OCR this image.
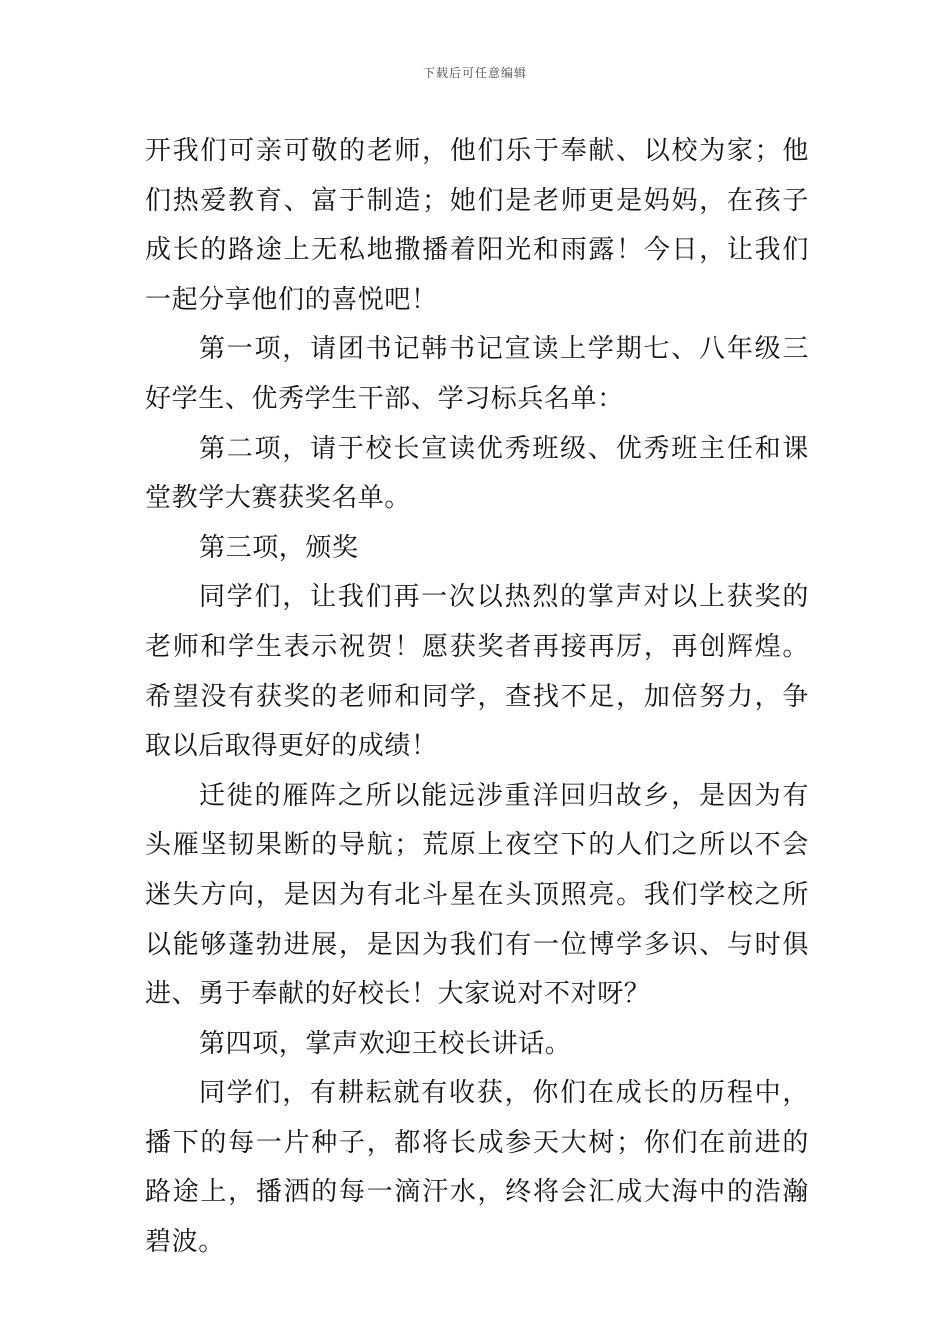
下载后可任意编辑

开我们可亲可敬的老师，他们乐于奉献、以校为家；他们热爱教育、富于制造；她们是老师更是妈妈，在孩子成长的路途上无私地撒播着阳光和雨露！今日，让我们一起分享他们的喜悦吧！

第一项，请团书记韩书记宣读上学期七、八年级三好学生、优秀学生干部、学习标兵名单：

第二项，请于校长宣读优秀班级、优秀班主任和课堂教学大赛获奖名单。

第三项，颁奖

同学们，让我们再一次以热烈的掌声对以上获奖的老师和学生表示祝贺！愿获奖者再接再厉，再创辉煌。希望没有获奖的老师和同学，查找不足，加倍努力，争取以后取得更好的成绩！

迁徙的雁阵之所以能远涉重洋回归故乡，是因为有头雁坚韧果断的导航；荒原上夜空下的人们之所以不会迷失方向，是因为有北斗星在头顶照亮。我们学校之所以能够蓬勃进展，是因为我们有一位博学多识、与时俱进、勇于奉献的好校长！大家说对不对呀？

第四项，掌声欢迎王校长讲话。

同学们，有耕耘就有收获，你们在成长的历程中，播下的每一片种子，都将长成参天大树；你们在前进的路途上，播洒的每一滴汗水，终将会汇成大海中的浩瀚碧波。
